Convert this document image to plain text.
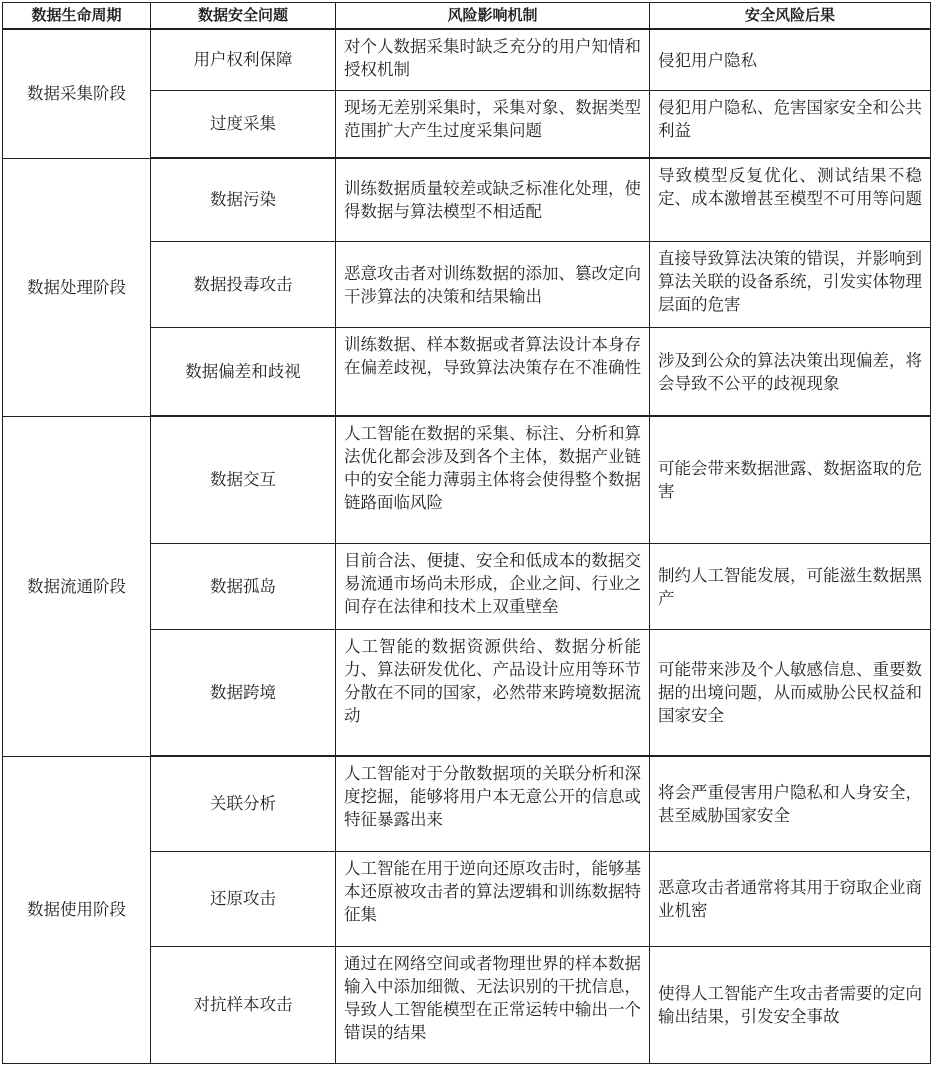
数据生命周期	数据安全问题	风险影响机制	安全风险后果
数据采集阶段	用户权利保障	对个人数据采集时缺乏充分的用户知情和授权机制	侵犯用户隐私
	过度采集	现场无差别采集时，采集对象、数据类型范围扩大产生过度采集问题	侵犯用户隐私、危害国家安全和公共利益
数据处理阶段	数据污染	训练数据质量较差或缺乏标准化处理，使得数据与算法模型不相适配	导致模型反复优化、测试结果不稳定、成本激增甚至模型不可用等问题
	数据投毒攻击	恶意攻击者对训练数据的添加、篡改定向干涉算法的决策和结果输出	直接导致算法决策的错误，并影响到算法关联的设备系统，引发实体物理层面的危害
	数据偏差和歧视	训练数据、样本数据或者算法设计本身存在偏差歧视，导致算法决策存在不准确性	涉及到公众的算法决策出现偏差，将会导致不公平的歧视现象
数据流通阶段	数据交互	人工智能在数据的采集、标注、分析和算法优化都会涉及到各个主体，数据产业链中的安全能力薄弱主体将会使得整个数据链路面临风险	可能会带来数据泄露、数据盗取的危害
	数据孤岛	目前合法、便捷、安全和低成本的数据交易流通市场尚未形成，企业之间、行业之间存在法律和技术上双重壁垒	制约人工智能发展，可能滋生数据黑产
	数据跨境	人工智能的数据资源供给、数据分析能力、算法研发优化、产品设计应用等环节分散在不同的国家，必然带来跨境数据流动	可能带来涉及个人敏感信息、重要数据的出境问题，从而威胁公民权益和国家安全
数据使用阶段	关联分析	人工智能对于分散数据项的关联分析和深度挖掘，能够将用户本无意公开的信息或特征暴露出来	将会严重侵害用户隐私和人身安全，甚至威胁国家安全
	还原攻击	人工智能在用于逆向还原攻击时，能够基本还原被攻击者的算法逻辑和训练数据特征集	恶意攻击者通常将其用于窃取企业商业机密
	对抗样本攻击	通过在网络空间或者物理世界的样本数据输入中添加细微、无法识别的干扰信息，导致人工智能模型在正常运转中输出一个错误的结果	使得人工智能产生攻击者需要的定向输出结果，引发安全事故
